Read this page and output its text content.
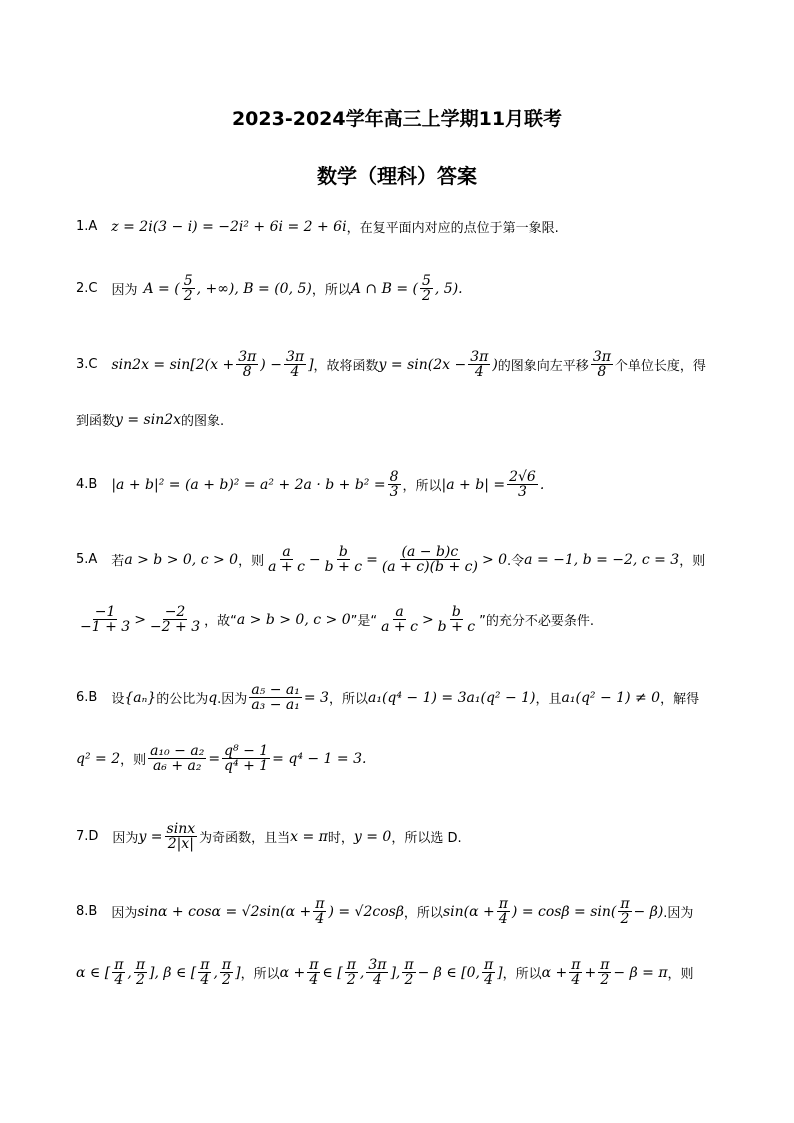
2023-2024学年高三上学期11月联考
数学（理科）答案
1.A z = 2i(3 − i) = −2i² + 6i = 2 + 6i ，在复平面内对应的点位于第一象限.
2.C 因为 A = ( $\frac{5}{2}$ , +∞), B = (0, 5) ，所以 A ∩ B = ( $\frac{5}{2}$ , 5).
3.C $\sin 2x = \sin[2(x + \frac{3\pi}{8}$ ) − $\frac{3\pi}{4}$ ] ，故将函数 $y = \sin(2x - \frac{3\pi}{4}$ ) 的图象向左平移 $\frac{3\pi}{8}$ 个单位长度，得
到函数 y = sin2x 的图象.
4.B $|a + b|^2 = (a + b)^2 = a^2 + 2a \cdot b + b^2 = \frac{8}{3}$ ，所以 $|a + b| = \frac{2√6}{3}$ .
5.A 若 a > b > 0, c > 0 ，则 $\frac{a}{a + c} - \frac{b}{b + c} = \frac{(a - b)c}{(a + c)(b + c)} > 0$ .令 a = −1, b = −2, c = 3 ，则
$\frac{-1}{-1 + 3} > \frac{-2}{-2 + 3}$ ，故“ a > b > 0, c > 0 ”是“ $\frac{a}{a + c} > \frac{b}{b + c}$ ”的充分不必要条件.
6.B 设 {aₙ} 的公比为 q .因为 $\frac{\text{a₅ − a₁}}{\text{a₃ − a₁}} = 3$ ，所以 a₁(q⁴ − 1) = 3a₁(q² − 1) ，且 a₁(q² − 1) ≠ 0 ，解得
q² = 2 ，则 $\frac{\text{a₁₀ − a₂}}{\text{a₆ + a₂}} = \frac{\text{q⁸ − 1}}{\text{q⁴ + 1}} = q^4 - 1 = 3$.
7.D 因为 $y = \frac{\sin x}{2|x|}$ 为奇函数，且当 x = π 时， y = 0 ，所以选 D.
8.B 因为 $\sin\alpha + \cos\alpha = √2\sin(\alpha + \frac{\pi}{4}$ ) = √2cosβ ，所以 $\sin(\alpha + \frac{\pi}{4}$ ) = $\cos\beta = \sin( \frac{\pi}{2} - \beta)$ .因为
α ∈ [ $\frac{\pi}{4}$ , $\frac{\pi}{2}$ ], β ∈ [ $\frac{\pi}{4}$ , $\frac{\pi}{2}$ ] ，所以 $\alpha + \frac{\pi}{4}$ ∈ [ $\frac{\pi}{2}$ , $\frac{3\pi}{4}$ ], $\frac{\pi}{2} - \beta$ ∈ [0, $\frac{\pi}{4}$ ] ，所以 $\alpha + \frac{\pi}{4} + \frac{\pi}{2} - \beta = \pi$ ，则
